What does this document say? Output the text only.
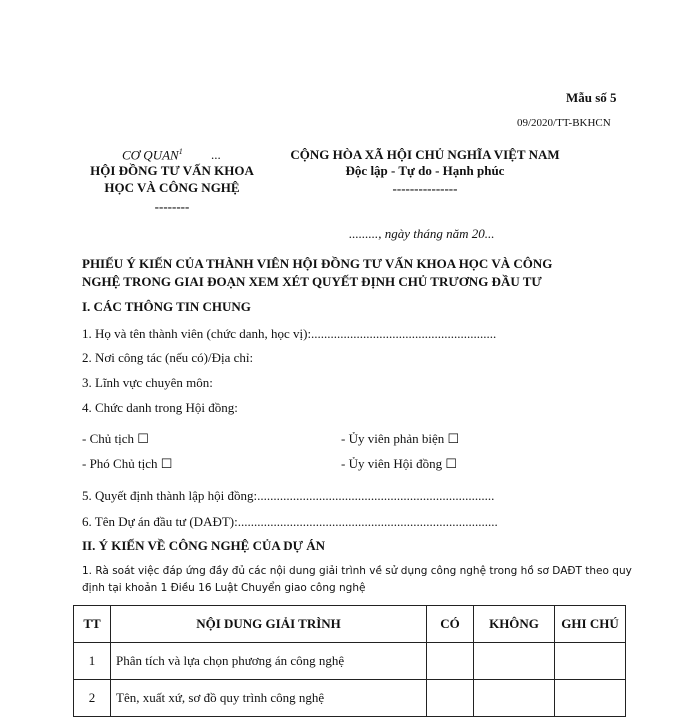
Mẫu số 5
09/2020/TT-BKHCN
CƠ QUAN$^1$ ...
HỘI ĐỒNG TƯ VẤN KHOA
HỌC VÀ CÔNG NGHỆ
--------
CỘNG HÒA XÃ HỘI CHỦ NGHĨA VIỆT NAM
Độc lập - Tự do - Hạnh phúc
---------------
........., ngày tháng năm 20...
PHIẾU Ý KIẾN CỦA THÀNH VIÊN HỘI ĐỒNG TƯ VẤN KHOA HỌC VÀ CÔNG
NGHỆ TRONG GIAI ĐOẠN XEM XÉT QUYẾT ĐỊNH CHỦ TRƯƠNG ĐẦU TƯ
I. CÁC THÔNG TIN CHUNG
1. Họ và tên thành viên (chức danh, học vị):.........................................................
2. Nơi công tác (nếu có)/Địa chỉ:
3. Lĩnh vực chuyên môn:
4. Chức danh trong Hội đồng:
- Chủ tịch ☐	- Ủy viên phản biện ☐
- Phó Chủ tịch ☐	- Ủy viên Hội đồng ☐
5. Quyết định thành lập hội đồng:.........................................................................
6. Tên Dự án đầu tư (DAĐT):................................................................................
II. Ý KIẾN VỀ CÔNG NGHỆ CỦA DỰ ÁN
1. Rà soát việc đáp ứng đầy đủ các nội dung giải trình về sử dụng công nghệ trong hồ sơ DAĐT theo quy
định tại khoản 1 Điều 16 Luật Chuyển giao công nghệ
TT	NỘI DUNG GIẢI TRÌNH	CÓ	KHÔNG	GHI CHÚ
1	Phân tích và lựa chọn phương án công nghệ			
2	Tên, xuất xứ, sơ đồ quy trình công nghệ			
